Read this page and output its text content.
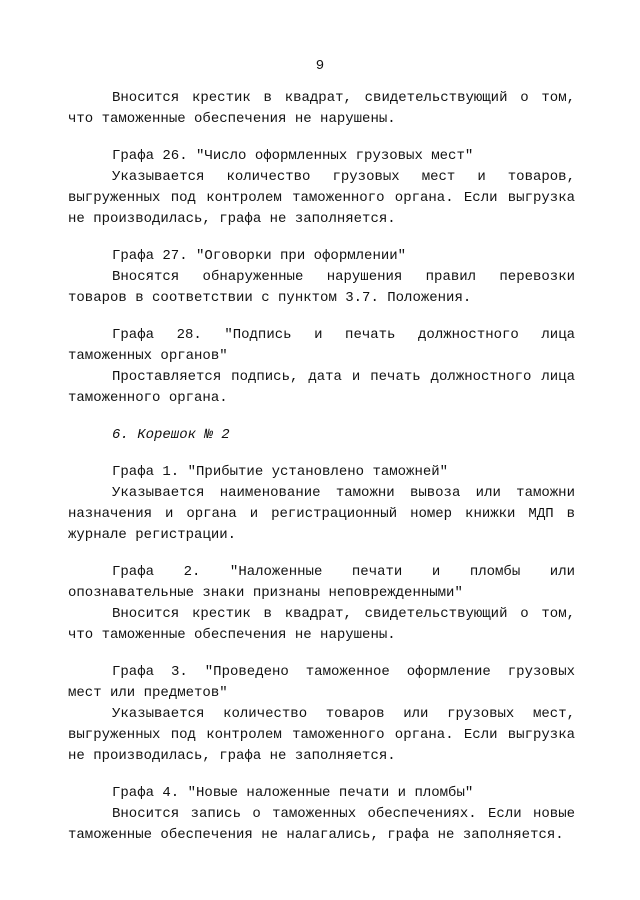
9
Вносится крестик в квадрат, свидетельствующий о том,
что таможенные обеспечения не нарушены.
Графа 26. "Число оформленных грузовых мест"
Указывается количество грузовых мест и товаров,
выгруженных под контролем таможенного органа. Если выгрузка
не производилась, графа не заполняется.
Графа 27. "Оговорки при оформлении"
Вносятся обнаруженные нарушения правил перевозки
товаров в соответствии с пунктом 3.7. Положения.
Графа 28. "Подпись и печать должностного лица
таможенных органов"
Проставляется подпись, дата и печать должностного лица
таможенного органа.
6. Корешок № 2
Графа 1. "Прибытие установлено таможней"
Указывается наименование таможни вывоза или таможни
назначения и органа и регистрационный номер книжки МДП в
журнале регистрации.
Графа 2. "Наложенные печати и пломбы или
опознавательные знаки признаны неповрежденными"
Вносится крестик в квадрат, свидетельствующий о том,
что таможенные обеспечения не нарушены.
Графа 3. "Проведено таможенное оформление грузовых
мест или предметов"
Указывается количество товаров или грузовых мест,
выгруженных под контролем таможенного органа. Если выгрузка
не производилась, графа не заполняется.
Графа 4. "Новые наложенные печати и пломбы"
Вносится запись о таможенных обеспечениях. Если новые
таможенные обеспечения не налагались, графа не заполняется.
